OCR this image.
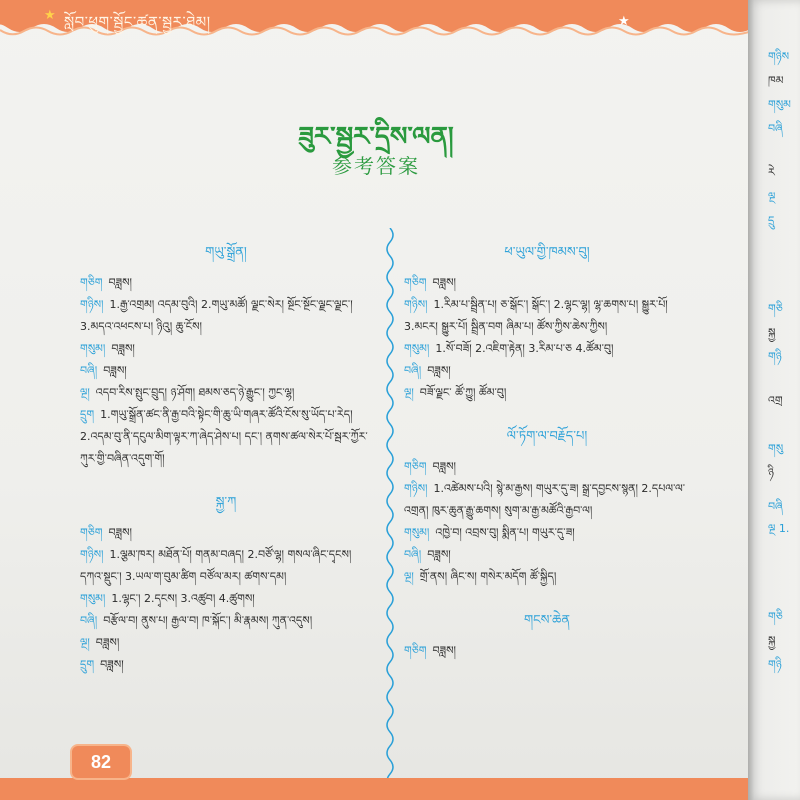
★	★
སློབ་ཕྲུག་སྦྱོང་ཚན་སྦྱར་ཐེམ།
ཟུར་སྦྱར་དྲིས་ལན།
参考答案
གཡུ་སྒྲོན།
གཅིག བཟླས།
གཉིས། 1.རྒྱ་འགྲམ། འདམ་བུའི། 2.གཡུ་མཚོ། ལྗང་སེར། སྔོང་སྔོང་ལྗང་ལྗང་། 3.མདའ་འཕངས་པ། ཉིའུ། ཆུ་ངོས།
གསུམ། བཟླས།
བཞི། བཟླས།
ལྔ། འདབ་རིས་སྤུང་བྲུད། ཉ་ཤོག། ཐམས་ཅད་ཉེ་རྒྱུང་། ཀྱང་ལྷ།
དྲུག 1.གཡུ་སྒྲོན་ཚང་ནི་རྒྱ་བའི་སྟེང་གི་ཆུ་ཡི་གཞར་ཚོའི་ངོས་སུ་ཡོད་པ་རེད། 2.འདམ་བུ་ནི་དངུལ་མིག་ལྟར་ཀ་ཞེད་ཤེས་པ། དང་། ནགས་ཚལ་སེར་པོ་སྦར་ཀྱོར་ཀུར་གྱི་བཞིན་འདུག་གོ།
སྐྱ་ཀ
གཅིག བཟླས།
གཉིས། 1.ལྕམ་ཁར། མཐོན་པོ། གནམ་བཞད། 2.བཙོ་ལྷ། གསལ་ཞིང་དྭངས། དཀའ་སྡུང་། 3.ཡལ་ག་བུམ་ཚིག བཙོལ་མར། ཚགས་དམ།
གསུམ། 1.ལྷང་། 2.དྭངས། 3.འཚུབ། 4.ཚུགས།
བཞི། བརྩོལ་བ། ནུས་པ། རྒྱལ་བ། ཁ་སྐོང་། མི་རྣམས། ཀུན་འདུས།
ལྔ། བཟླས།
དྲུག བཟླས།
ཕ་ཡུལ་གྱི་ཁམས་བུ།
གཅིག བཟླས།
གཉིས། 1.རིམ་པ་སྦྲིན་པ། ཅ་སྒོང་། སྒོང་། 2.ལྷང་ལྷ། ལྷ་ཆགས་པ། སྒྱུར་པོ། 3.མངར། སྒྱུར་པོ། སྦྲིན་བག ཞིམ་པ། ཚོས་ཀྱིས་ཆེས་ཀྱིས།
གསུམ། 1.སོ་བཟོ། 2.འཇིག་རྟེན། 3.རིམ་པ་ཅ 4.ཚོམ་བུ།
བཞི། བཟླས།
ལྔ། བཟོ་ལྗང་ ཚོ་ཀྱུ། ཚོམ་བུ།
ལོ་ཏོག་ལ་བརྗོད་པ།
གཅིག བཟླས།
གཉིས། 1.འཚེམས་པའི། སྙེ་མ་རྒྱས། གཡུར་དུ་ཟ། སྒྲ་དབྱངས་སྙན། 2.དཔལ་ལ་འགྲན། ཁུར་ཆུན་རྒྱུ་ཆགས། སུག་མ་རྒྱ་མཚོའི་རྒྱབ་ལ།
གསུམ། འཁྱེ་བ། འབྲས་བུ། སྨིན་པ། གཡུར་དུ་ཟ།
བཞི། བཟླས།
ལྔ། གྲོ་ནས། ཞིང་ས། གསེར་མདོག ཚོ་སྐྱིད།
གངས་ཆེན
གཅིག བཟླས།
82
གཉིས
ཁམ
གསུམ
བཞི
རེ
ལྔ
དྲུ
གཅི
སྐྱ
གཉི
འགྲ
གསུ
ཉི
བཞི
ལྔ 1.
གཅི
སྐྱ
གཉི
